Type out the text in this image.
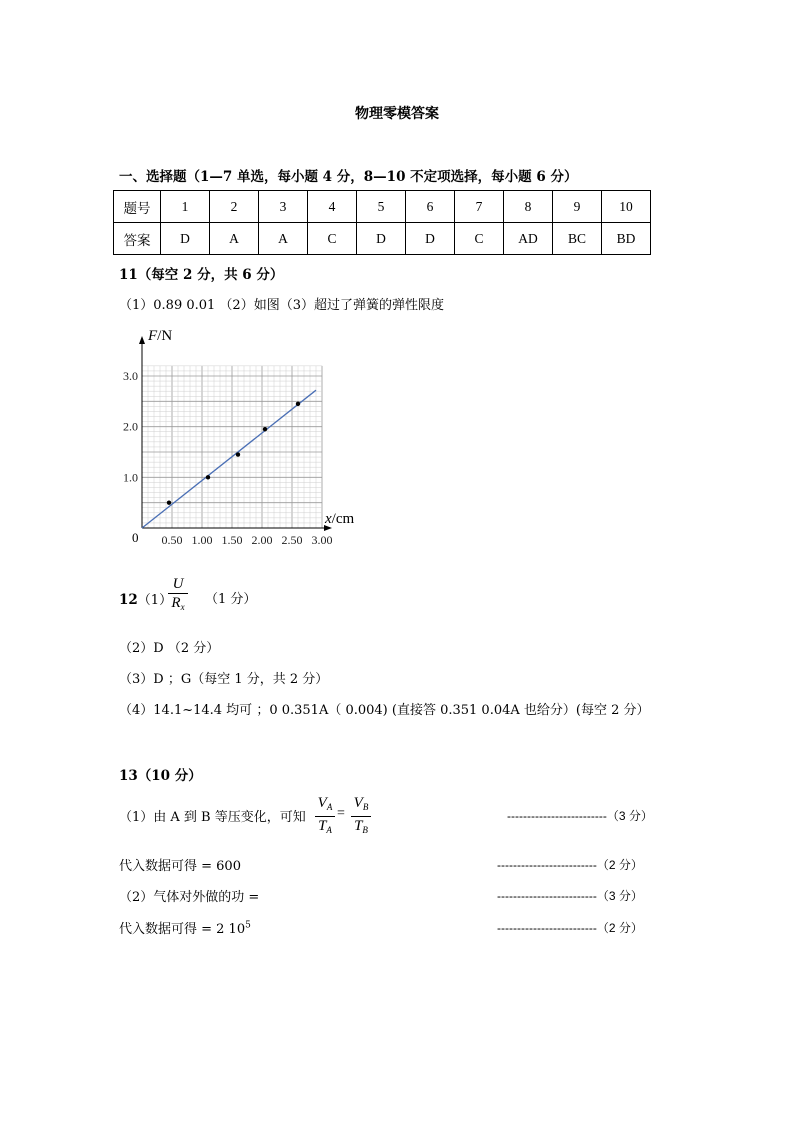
物理零模答案
一、选择题（1—7 单选，每小题 4 分，8—10 不定项选择，每小题 6 分）
题号	1	2	3	4	5	6	7	8	9	10
答案	D	A	A	C	D	D	C	AD	BC	BD
11（每空 2 分，共 6 分）
（1）0.89 0.01 （2）如图（3）超过了弹簧的弹性限度
0.50 1.00 1.50 2.00 2.50 3.00
1.0
2.0
3.0
F/N
x/cm
0
12（1）
U
$R_x$ （1 分）
（2）D （2 分）
（3）D ；G（每空 1 分，共 2 分）
（4）14.1~14.4 均可 ；0 0.351A（ 0.004) (直接答 0.351 0.04A 也给分）(每空 2 分）
13（10 分）
（1）由 A 到 B 等压变化，可知
$V_A$
$T_A$
=
$V_B$
$T_B$
-------------------------（3 分）
代入数据可得 = 600	-------------------------（2 分）
（2）气体对外做的功 =	-------------------------（3 分）
代入数据可得 = 2 $10^5$	-------------------------（2 分）
